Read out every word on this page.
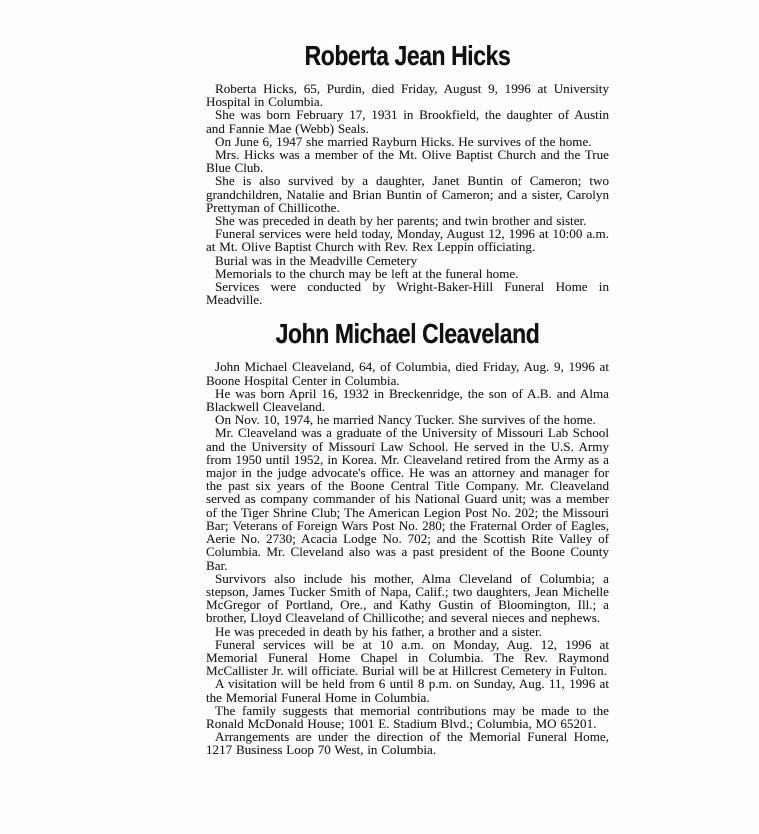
Roberta Jean Hicks

Roberta Hicks, 65, Purdin, died Friday, August 9, 1996 at University Hospital in Columbia.

She was born February 17, 1931 in Brookfield, the daughter of Austin and Fannie Mae (Webb) Seals.

On June 6, 1947 she married Rayburn Hicks. He survives of the home.

Mrs. Hicks was a member of the Mt. Olive Baptist Church and the True Blue Club.

She is also survived by a daughter, Janet Buntin of Cameron; two grandchildren, Natalie and Brian Buntin of Cameron; and a sister, Carolyn Prettyman of Chillicothe.

She was preceded in death by her parents; and twin brother and sister.

Funeral services were held today, Monday, August 12, 1996 at 10:00 a.m. at Mt. Olive Baptist Church with Rev. Rex Leppin officiating.

Burial was in the Meadville Cemetery

Memorials to the church may be left at the funeral home.

Services were conducted by Wright-Baker-Hill Funeral Home in Meadville.

John Michael Cleaveland

John Michael Cleaveland, 64, of Columbia, died Friday, Aug. 9, 1996 at Boone Hospital Center in Columbia.

He was born April 16, 1932 in Breckenridge, the son of A.B. and Alma Blackwell Cleaveland.

On Nov. 10, 1974, he married Nancy Tucker. She survives of the home.

Mr. Cleaveland was a graduate of the University of Missouri Lab School and the University of Missouri Law School. He served in the U.S. Army from 1950 until 1952, in Korea. Mr. Cleaveland retired from the Army as a major in the judge advocate's office. He was an attorney and manager for the past six years of the Boone Central Title Company. Mr. Cleaveland served as company commander of his National Guard unit; was a member of the Tiger Shrine Club; The American Legion Post No. 202; the Missouri Bar; Veterans of Foreign Wars Post No. 280; the Fraternal Order of Eagles, Aerie No. 2730; Acacia Lodge No. 702; and the Scottish Rite Valley of Columbia. Mr. Cleveland also was a past president of the Boone County Bar.

Survivors also include his mother, Alma Cleveland of Columbia; a stepson, James Tucker Smith of Napa, Calif.; two daughters, Jean Michelle McGregor of Portland, Ore., and Kathy Gustin of Bloomington, Ill.; a brother, Lloyd Cleaveland of Chillicothe; and several nieces and nephews.

He was preceded in death by his father, a brother and a sister.

Funeral services will be at 10 a.m. on Monday, Aug. 12, 1996 at Memorial Funeral Home Chapel in Columbia. The Rev. Raymond McCallister Jr. will officiate. Burial will be at Hillcrest Cemetery in Fulton.

A visitation will be held from 6 until 8 p.m. on Sunday, Aug. 11, 1996 at the Memorial Funeral Home in Columbia.

The family suggests that memorial contributions may be made to the Ronald McDonald House; 1001 E. Stadium Blvd.; Columbia, MO 65201.

Arrangements are under the direction of the Memorial Funeral Home, 1217 Business Loop 70 West, in Columbia.
